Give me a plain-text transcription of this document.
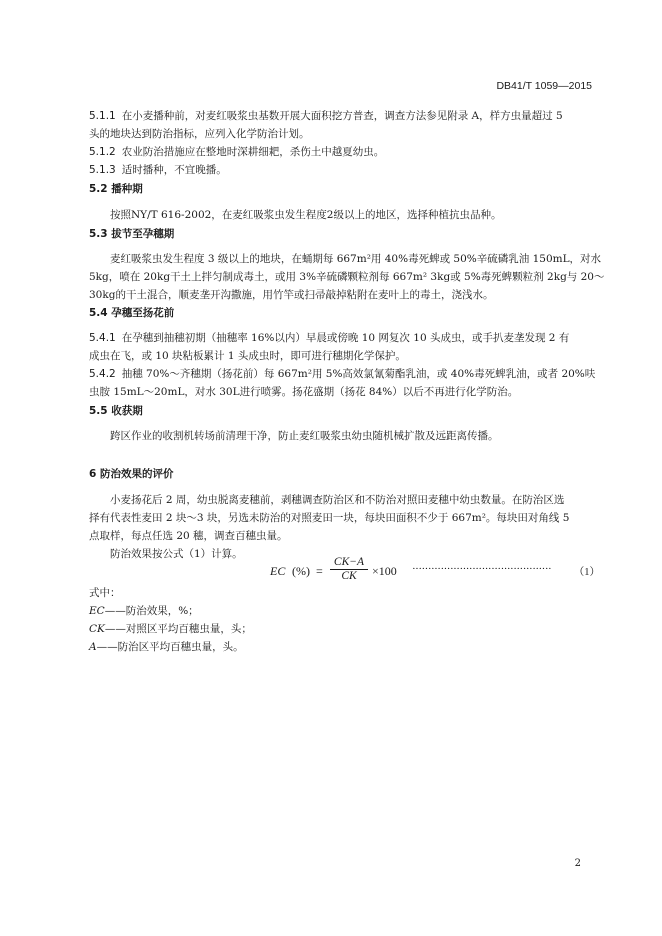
DB41/T 1059—2015
5.1.1 在小麦播种前，对麦红吸浆虫基数开展大面积挖方普查，调查方法参见附录 A，样方虫量超过 5
头的地块达到防治指标，应列入化学防治计划。
5.1.2 农业防治措施应在整地时深耕细耙，杀伤土中越夏幼虫。
5.1.3 适时播种，不宜晚播。
5.2 播种期
按照NY/T 616-2002，在麦红吸浆虫发生程度2级以上的地区，选择种植抗虫品种。
5.3 拔节至孕穗期
麦红吸浆虫发生程度 3 级以上的地块，在蛹期每 667m²用 40%毒死蜱或 50%辛硫磷乳油 150mL，对水
5kg，喷在 20kg干土上拌匀制成毒土，或用 3%辛硫磷颗粒剂每 667m² 3kg或 5%毒死蜱颗粒剂 2kg与 20～
30kg的干土混合，顺麦垄开沟撒施，用竹竿或扫帚敲掉粘附在麦叶上的毒土，浇浅水。
5.4 孕穗至扬花前
5.4.1 在孕穗到抽穗初期（抽穗率 16%以内）早晨或傍晚 10 网复次 10 头成虫，或手扒麦垄发现 2 有
成虫在飞，或 10 块粘板累计 1 头成虫时，即可进行穗期化学保护。
5.4.2 抽穗 70%～齐穗期（扬花前）每 667m²用 5%高效氯氰菊酯乳油，或 40%毒死蜱乳油，或者 20%呋
虫胺 15mL～20mL，对水 30L进行喷雾。扬花盛期（扬花 84%）以后不再进行化学防治。
5.5 收获期
跨区作业的收割机转场前清理干净，防止麦红吸浆虫幼虫随机械扩散及远距离传播。
6 防治效果的评价
小麦扬花后 2 周，幼虫脱离麦穗前，剥穗调查防治区和不防治对照田麦穗中幼虫数量。在防治区选
择有代表性麦田 2 块～3 块，另选未防治的对照麦田一块，每块田面积不少于 667m²。每块田对角线 5
点取样，每点任选 20 穗，调查百穗虫量。
防治效果按公式（1）计算。
EC (%) =
CK−A
CK	×100 ············································ （1）
式中：
EC——防治效果，%；
CK——对照区平均百穗虫量，头；
A——防治区平均百穗虫量，头。
2
